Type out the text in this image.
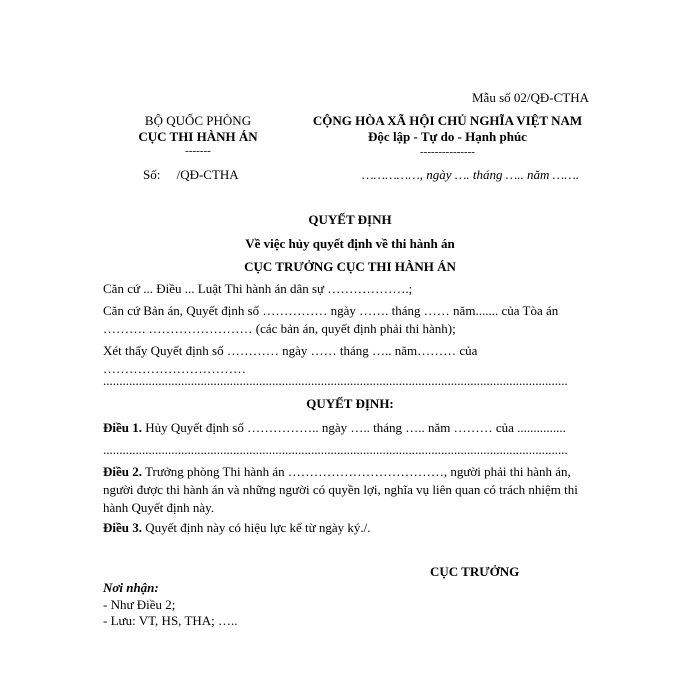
Mẫu số 02/QĐ-CTHA
BỘ QUỐC PHÒNG
CỤC THI HÀNH ÁN
-------
Số:     /QĐ-CTHA
CỘNG HÒA XÃ HỘI CHỦ NGHĨA VIỆT NAM
Độc lập - Tự do - Hạnh phúc
---------------
……………, ngày …. tháng ….. năm …….
QUYẾT ĐỊNH
Về việc hủy quyết định về thi hành án
CỤC TRƯỞNG CỤC THI HÀNH ÁN
Căn cứ ... Điều ... Luật Thi hành án dân sự ……………….;
Căn cứ Bản án, Quyết định số …………… ngày ……. tháng …… năm....... của Tòa án ………. …………………… (các bản án, quyết định phải thi hành);
Xét thấy Quyết định số ………… ngày …… tháng ….. năm……… của ……………………………
...............................................................................................................................................
QUYẾT ĐỊNH:
Điều 1. Hủy Quyết định số …………….. ngày ….. tháng ….. năm ……… của ...............
...............................................................................................................................................
Điều 2. Trưởng phòng Thi hành án ………………………………, người phải thi hành án, người được thi hành án và những người có quyền lợi, nghĩa vụ liên quan có trách nhiệm thi hành Quyết định này.
Điều 3. Quyết định này có hiệu lực kể từ ngày ký./.
CỤC TRƯỞNG
Nơi nhận:
- Như Điều 2;
- Lưu: VT, HS, THA; …..
